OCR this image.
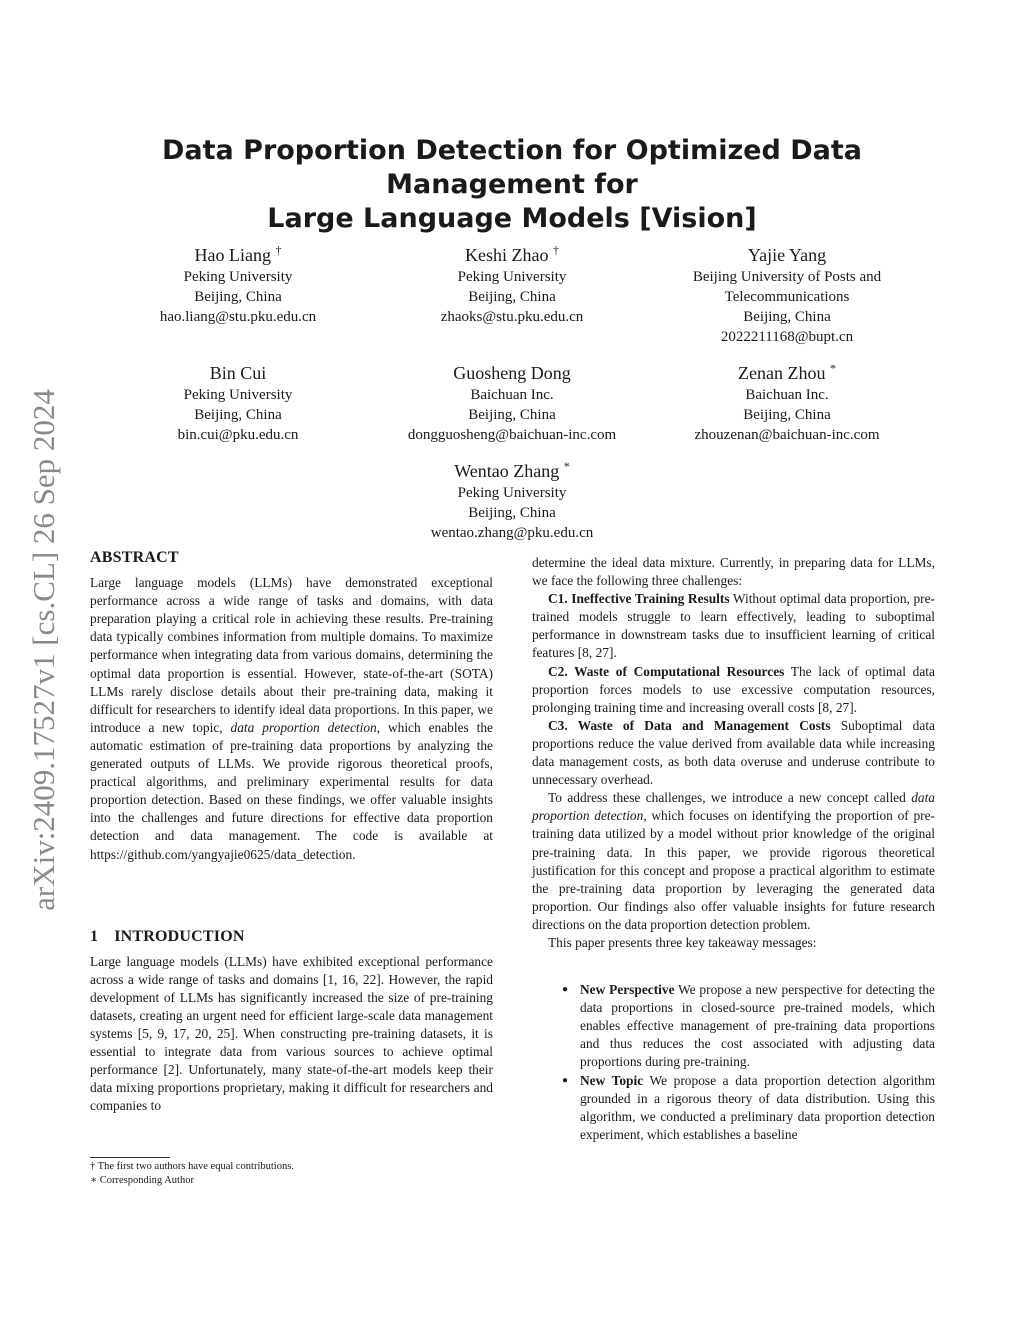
arXiv:2409.17527v1 [cs.CL] 26 Sep 2024
Data Proportion Detection for Optimized Data Management for
Large Language Models [Vision]
Hao Liang †
Peking University
Beijing, China
hao.liang@stu.pku.edu.cn
Keshi Zhao †
Peking University
Beijing, China
zhaoks@stu.pku.edu.cn
Yajie Yang
Beijing University of Posts and
Telecommunications
Beijing, China
2022211168@bupt.cn
Bin Cui
Peking University
Beijing, China
bin.cui@pku.edu.cn
Guosheng Dong
Baichuan Inc.
Beijing, China
dongguosheng@baichuan-inc.com
Zenan Zhou *
Baichuan Inc.
Beijing, China
zhouzenan@baichuan-inc.com
Wentao Zhang *
Peking University
Beijing, China
wentao.zhang@pku.edu.cn
ABSTRACT

Large language models (LLMs) have demonstrated exceptional performance across a wide range of tasks and domains, with data preparation playing a critical role in achieving these results. Pre-training data typically combines information from multiple domains. To maximize performance when integrating data from various domains, determining the optimal data proportion is essential. However, state-of-the-art (SOTA) LLMs rarely disclose details about their pre-training data, making it difficult for researchers to identify ideal data proportions. In this paper, we introduce a new topic, data proportion detection, which enables the automatic estimation of pre-training data proportions by analyzing the generated outputs of LLMs. We provide rigorous theoretical proofs, practical algorithms, and preliminary experimental results for data proportion detection. Based on these findings, we offer valuable insights into the challenges and future directions for effective data proportion detection and data management. The code is available at https://github.com/yangyajie0625/data_detection.

1 INTRODUCTION

Large language models (LLMs) have exhibited exceptional performance across a wide range of tasks and domains [1, 16, 22]. However, the rapid development of LLMs has significantly increased the size of pre-training datasets, creating an urgent need for efficient large-scale data management systems [5, 9, 17, 20, 25]. When constructing pre-training datasets, it is essential to integrate data from various sources to achieve optimal performance [2]. Unfortunately, many state-of-the-art models keep their data mixing proportions proprietary, making it difficult for researchers and companies to

determine the ideal data mixture. Currently, in preparing data for LLMs, we face the following three challenges:

C1. Ineffective Training Results Without optimal data proportion, pre-trained models struggle to learn effectively, leading to suboptimal performance in downstream tasks due to insufficient learning of critical features [8, 27].

C2. Waste of Computational Resources The lack of optimal data proportion forces models to use excessive computation resources, prolonging training time and increasing overall costs [8, 27].

C3. Waste of Data and Management Costs Suboptimal data proportions reduce the value derived from available data while increasing data management costs, as both data overuse and underuse contribute to unnecessary overhead.

To address these challenges, we introduce a new concept called data proportion detection, which focuses on identifying the proportion of pre-training data utilized by a model without prior knowledge of the original pre-training data. In this paper, we provide rigorous theoretical justification for this concept and propose a practical algorithm to estimate the pre-training data proportion by leveraging the generated data proportion. Our findings also offer valuable insights for future research directions on the data proportion detection problem.

This paper presents three key takeaway messages:

● New Perspective We propose a new perspective for detecting the data proportions in closed-source pre-trained models, which enables effective management of pre-training data proportions and thus reduces the cost associated with adjusting data proportions during pre-training.
● New Topic We propose a data proportion detection algorithm grounded in a rigorous theory of data distribution. Using this algorithm, we conducted a preliminary data proportion detection experiment, which establishes a baseline
† The first two authors have equal contributions.
∗ Corresponding Author
